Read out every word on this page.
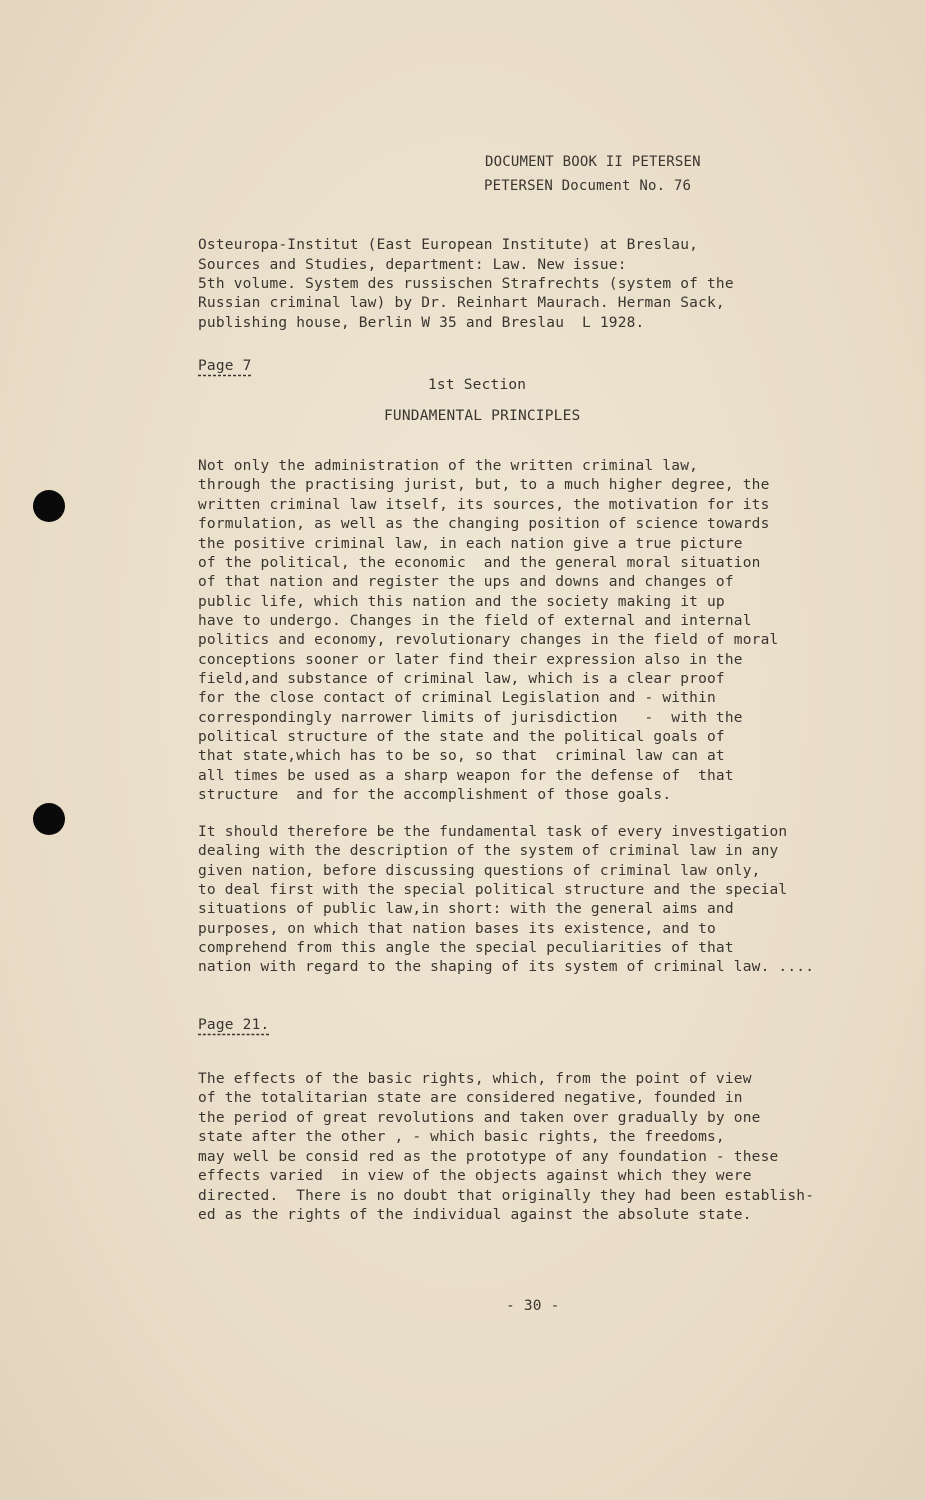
DOCUMENT BOOK II PETERSEN
PETERSEN Document No. 76
Osteuropa-Institut (East European Institute) at Breslau,
Sources and Studies, department: Law. New issue:
5th volume. System des russischen Strafrechts (system of the
Russian criminal law) by Dr. Reinhart Maurach. Herman Sack,
publishing house, Berlin W 35 and Breslau  L 1928.
Page 7
1st Section
FUNDAMENTAL PRINCIPLES
Not only the administration of the written criminal law,
through the practising jurist, but, to a much higher degree, the
written criminal law itself, its sources, the motivation for its
formulation, as well as the changing position of science towards
the positive criminal law, in each nation give a true picture
of the political, the economic  and the general moral situation
of that nation and register the ups and downs and changes of
public life, which this nation and the society making it up
have to undergo. Changes in the field of external and internal
politics and economy, revolutionary changes in the field of moral
conceptions sooner or later find their expression also in the
field,and substance of criminal law, which is a clear proof
for the close contact of criminal Legislation and - within
correspondingly narrower limits of jurisdiction   -  with the
political structure of the state and the political goals of
that state,which has to be so, so that  criminal law can at
all times be used as a sharp weapon for the defense of  that
structure  and for the accomplishment of those goals.
It should therefore be the fundamental task of every investigation
dealing with the description of the system of criminal law in any
given nation, before discussing questions of criminal law only,
to deal first with the special political structure and the special
situations of public law,in short: with the general aims and
purposes, on which that nation bases its existence, and to
comprehend from this angle the special peculiarities of that
nation with regard to the shaping of its system of criminal law. ....
Page 21.
The effects of the basic rights, which, from the point of view
of the totalitarian state are considered negative, founded in
the period of great revolutions and taken over gradually by one
state after the other , - which basic rights, the freedoms,
may well be consid red as the prototype of any foundation - these
effects varied  in view of the objects against which they were
directed.  There is no doubt that originally they had been establish-
ed as the rights of the individual against the absolute state.
- 30 -
